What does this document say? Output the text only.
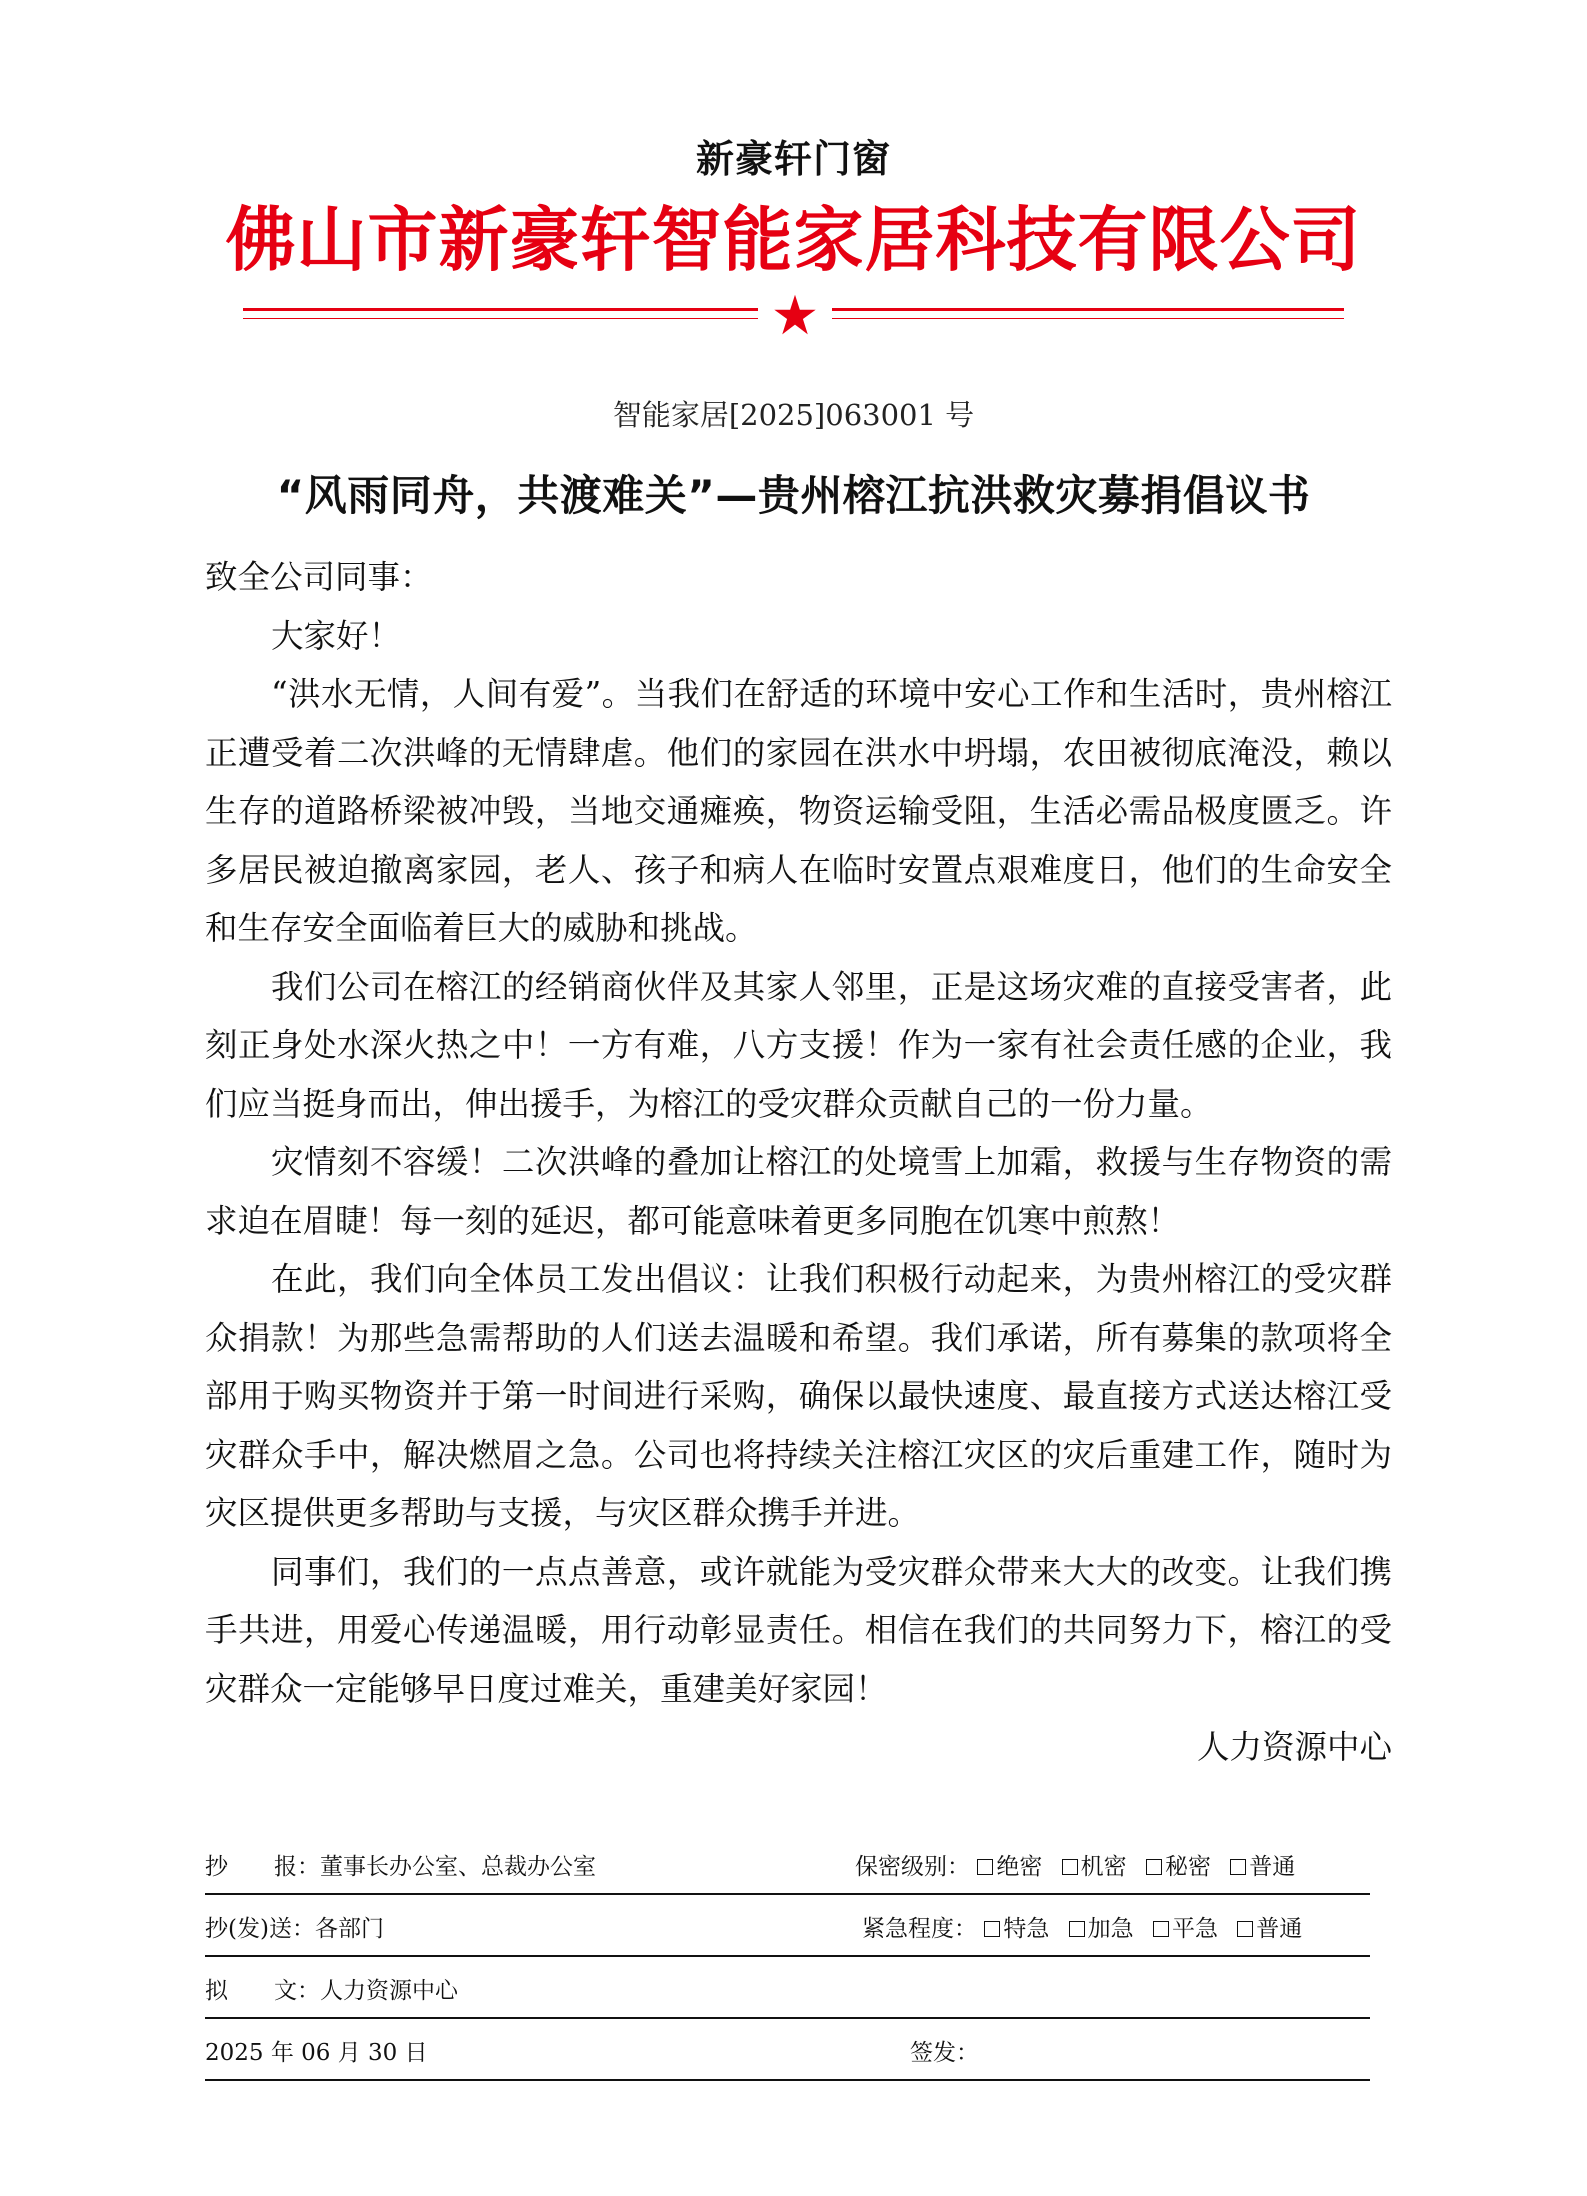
新豪轩门窗
佛山市新豪轩智能家居科技有限公司
智能家居[2025]063001 号
“风雨同舟，共渡难关”—贵州榕江抗洪救灾募捐倡议书

致全公司同事：

大家好！

“洪水无情，人间有爱”。当我们在舒适的环境中安心工作和生活时，贵州榕江正遭受着二次洪峰的无情肆虐。他们的家园在洪水中坍塌，农田被彻底淹没，赖以生存的道路桥梁被冲毁，当地交通瘫痪，物资运输受阻，生活必需品极度匮乏。许多居民被迫撤离家园，老人、孩子和病人在临时安置点艰难度日，他们的生命安全和生存安全面临着巨大的威胁和挑战。

我们公司在榕江的经销商伙伴及其家人邻里，正是这场灾难的直接受害者，此刻正身处水深火热之中！一方有难，八方支援！作为一家有社会责任感的企业，我们应当挺身而出，伸出援手，为榕江的受灾群众贡献自己的一份力量。

灾情刻不容缓！二次洪峰的叠加让榕江的处境雪上加霜，救援与生存物资的需求迫在眉睫！每一刻的延迟，都可能意味着更多同胞在饥寒中煎熬！

在此，我们向全体员工发出倡议：让我们积极行动起来，为贵州榕江的受灾群众捐款！为那些急需帮助的人们送去温暖和希望。我们承诺，所有募集的款项将全部用于购买物资并于第一时间进行采购，确保以最快速度、最直接方式送达榕江受灾群众手中，解决燃眉之急。公司也将持续关注榕江灾区的灾后重建工作，随时为灾区提供更多帮助与支援，与灾区群众携手并进。

同事们，我们的一点点善意，或许就能为受灾群众带来大大的改变。让我们携手共进，用爱心传递温暖，用行动彰显责任。相信在我们的共同努力下，榕江的受灾群众一定能够早日度过难关，重建美好家园！

人力资源中心

抄　　报：董事长办公室、总裁办公室	保密级别： 绝密 机密 秘密 普通
抄(发)送：各部门	紧急程度： 特急 加急 平急 普通
拟　　文：人力资源中心
2025 年 06 月 30 日	签发：
